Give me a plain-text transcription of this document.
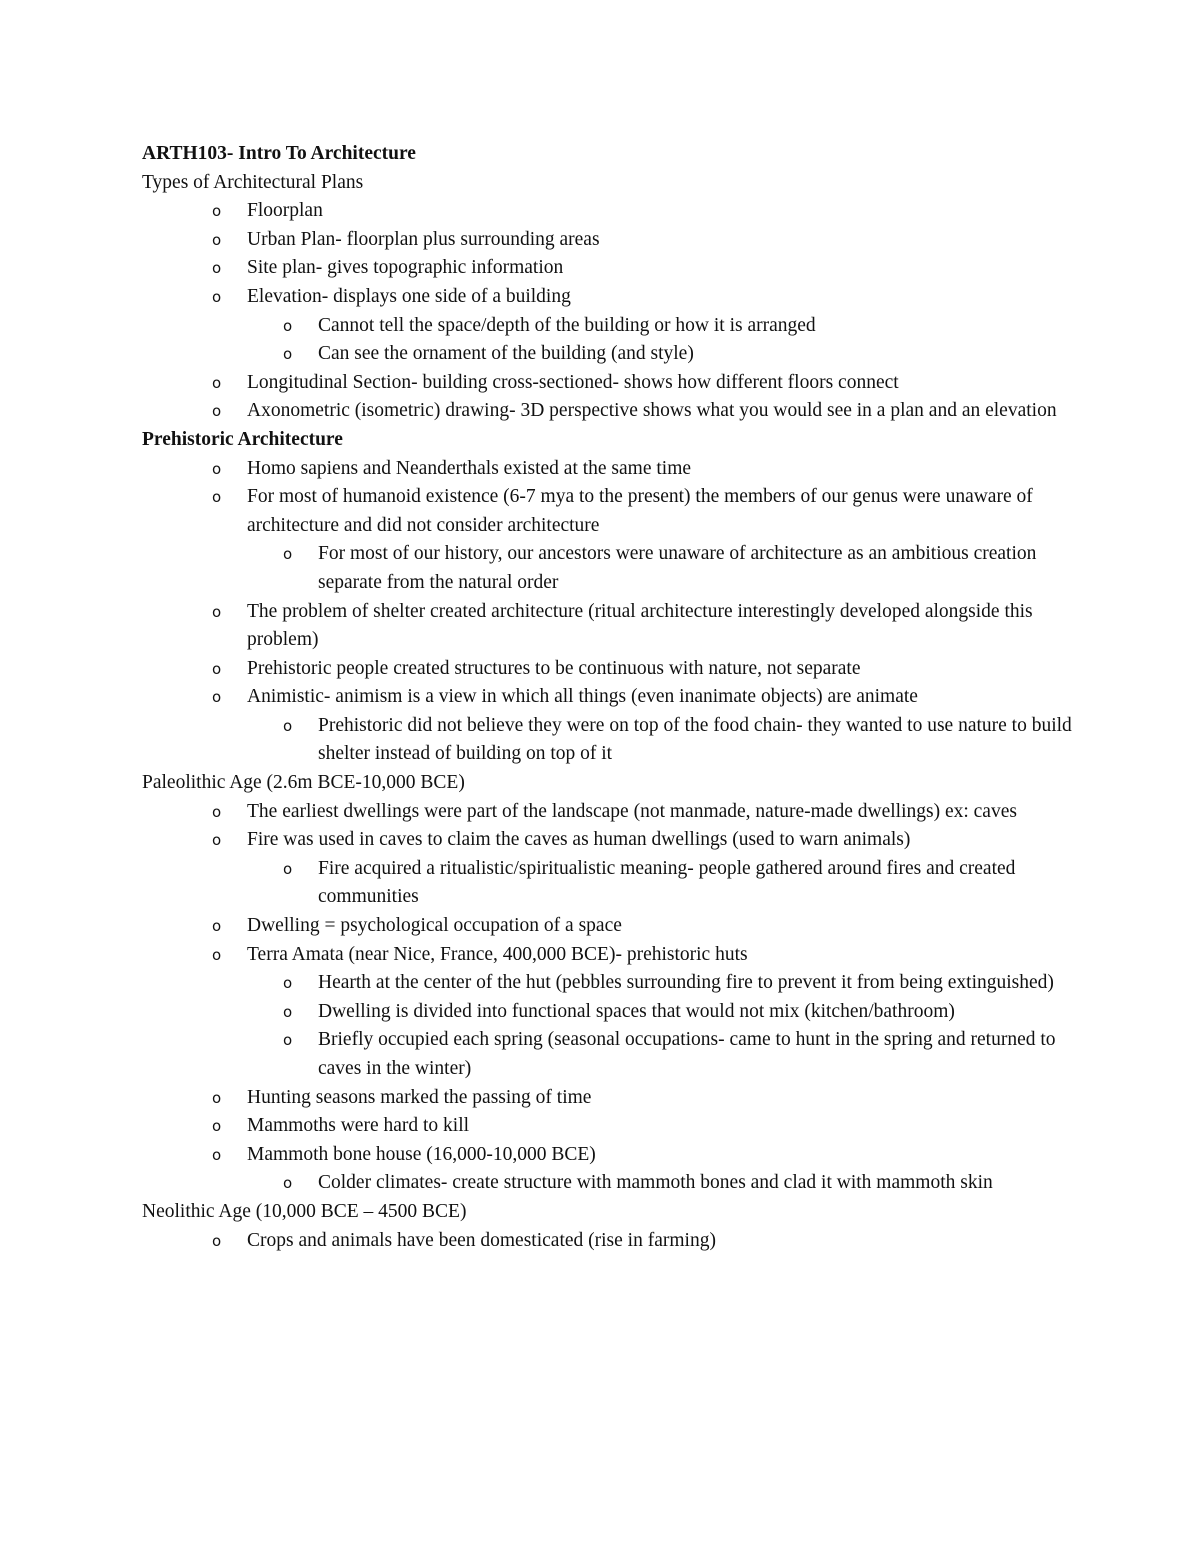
ARTH103- Intro To Architecture

Types of Architectural Plans

o Floorplan
o Urban Plan- floorplan plus surrounding areas
o Site plan- gives topographic information
o Elevation- displays one side of a building
o Cannot tell the space/depth of the building or how it is arranged
o Can see the ornament of the building (and style)
o Longitudinal Section- building cross-sectioned- shows how different floors connect
o Axonometric (isometric) drawing- 3D perspective shows what you would see in a plan and an elevation

Prehistoric Architecture

o Homo sapiens and Neanderthals existed at the same time
o For most of humanoid existence (6-7 mya to the present) the members of our genus were unaware of architecture and did not consider architecture
o For most of our history, our ancestors were unaware of architecture as an ambitious creation separate from the natural order
o The problem of shelter created architecture (ritual architecture interestingly developed alongside this problem)
o Prehistoric people created structures to be continuous with nature, not separate
o Animistic- animism is a view in which all things (even inanimate objects) are animate
o Prehistoric did not believe they were on top of the food chain- they wanted to use nature to build shelter instead of building on top of it

Paleolithic Age (2.6m BCE-10,000 BCE)

o The earliest dwellings were part of the landscape (not manmade, nature-made dwellings) ex: caves
o Fire was used in caves to claim the caves as human dwellings (used to warn animals)
o Fire acquired a ritualistic/spiritualistic meaning- people gathered around fires and created communities
o Dwelling = psychological occupation of a space
o Terra Amata (near Nice, France, 400,000 BCE)- prehistoric huts
o Hearth at the center of the hut (pebbles surrounding fire to prevent it from being extinguished)
o Dwelling is divided into functional spaces that would not mix (kitchen/bathroom)
o Briefly occupied each spring (seasonal occupations- came to hunt in the spring and returned to caves in the winter)
o Hunting seasons marked the passing of time
o Mammoths were hard to kill
o Mammoth bone house (16,000-10,000 BCE)
o Colder climates- create structure with mammoth bones and clad it with mammoth skin

Neolithic Age (10,000 BCE – 4500 BCE)

o Crops and animals have been domesticated (rise in farming)
